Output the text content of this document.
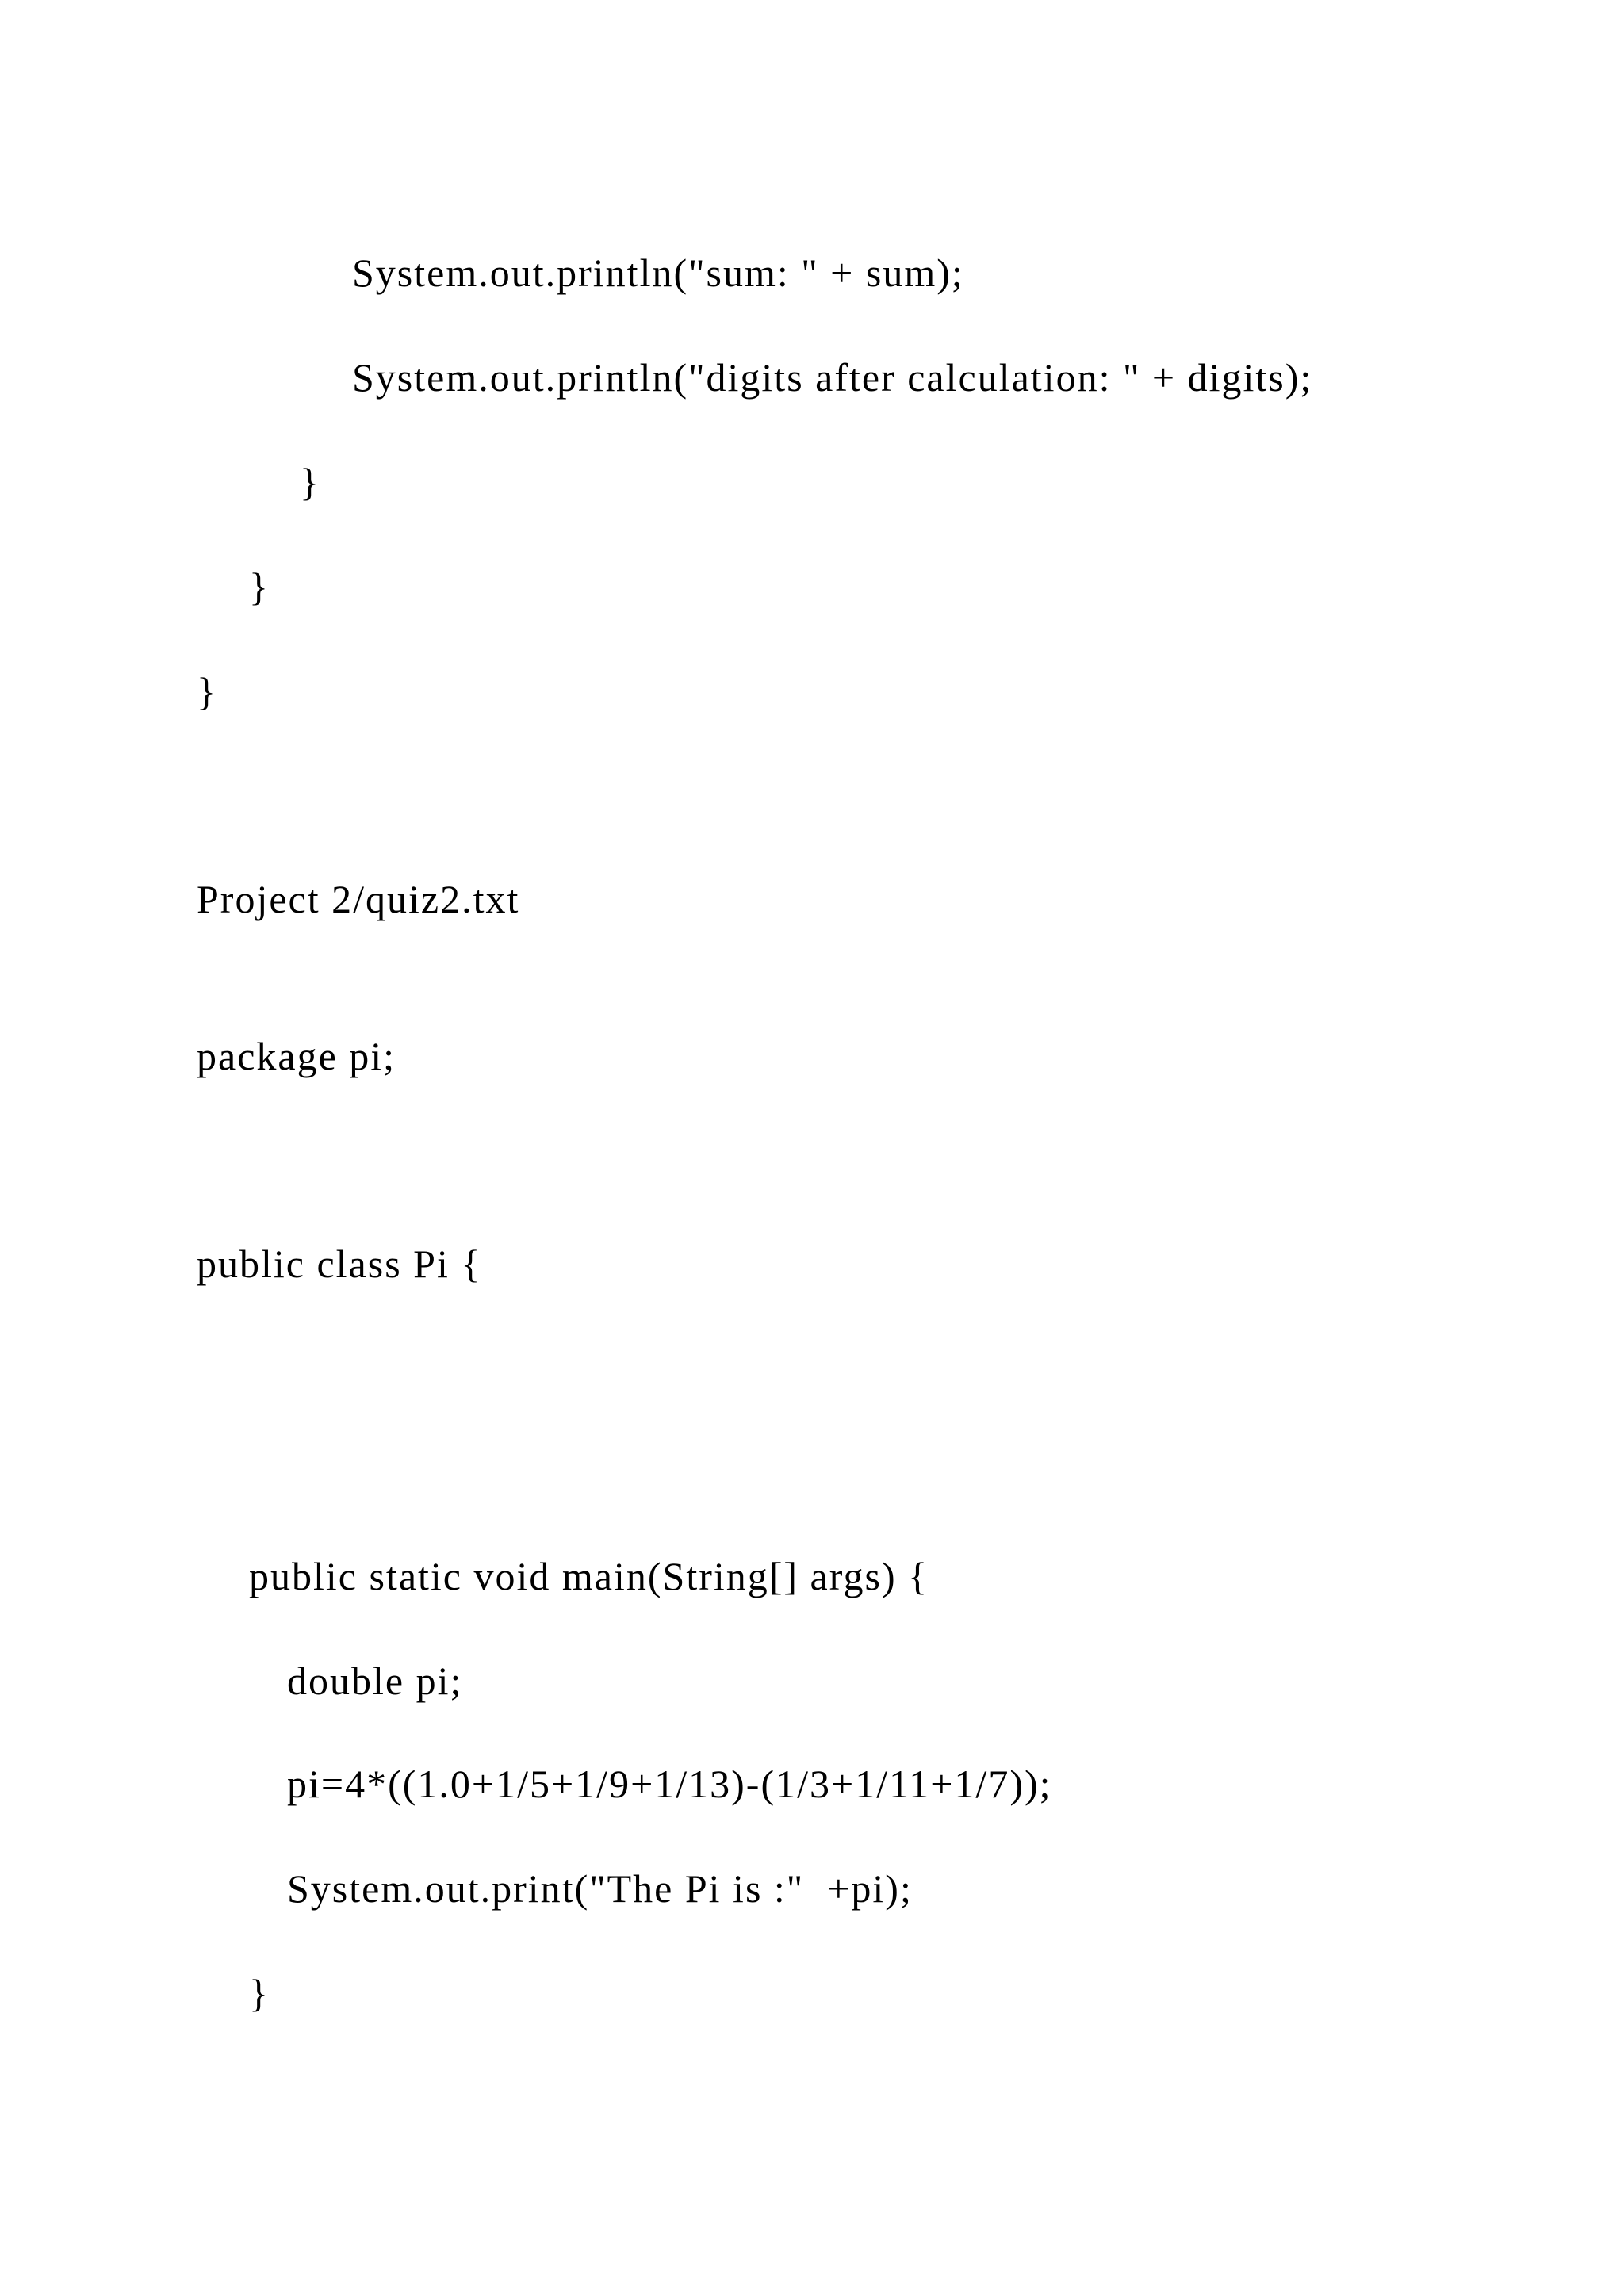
System.out.println("sum: " + sum);

System.out.println("digits after calculation: " + digits);

}

}

}

Project 2/quiz2.txt

package pi;

public class Pi {

public static void main(String[] args) {

double pi;

pi=4*((1.0+1/5+1/9+1/13)-(1/3+1/11+1/7));

System.out.print("The Pi is :"  +pi);

}
